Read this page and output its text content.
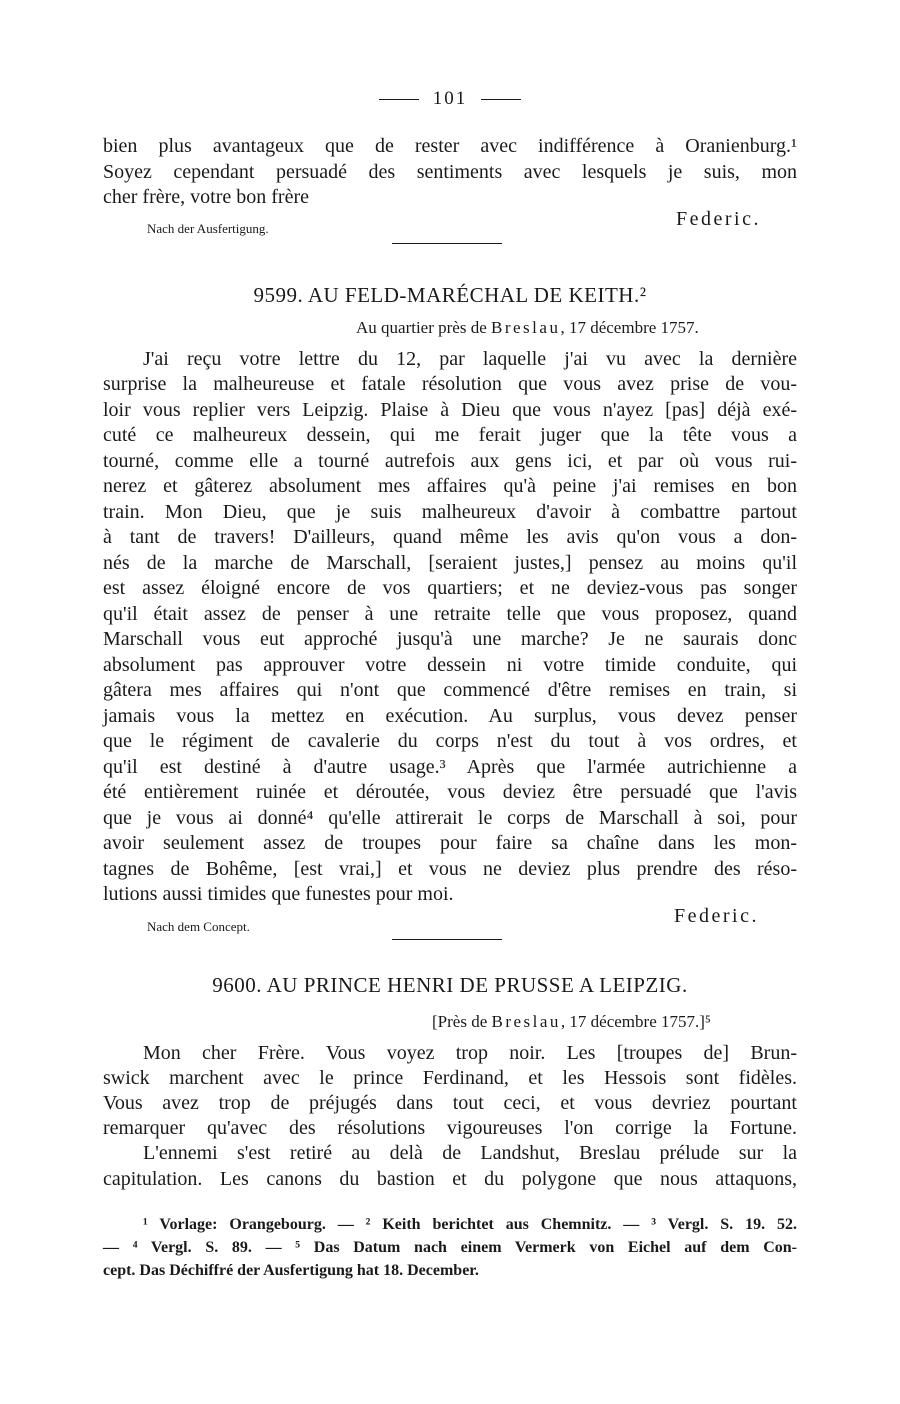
101
bien plus avantageux que de rester avec indifférence à Oranienburg.¹
Soyez cependant persuadé des sentiments avec lesquels je suis, mon
cher frère, votre bon frère
Nach der Ausfertigung.	Federic.
9599. AU FELD-MARÉCHAL DE KEITH.²
Au quartier près de Breslau, 17 décembre 1757.
J'ai reçu votre lettre du 12, par laquelle j'ai vu avec la dernière
surprise la malheureuse et fatale résolution que vous avez prise de vou-
loir vous replier vers Leipzig. Plaise à Dieu que vous n'ayez [pas] déjà exé-
cuté ce malheureux dessein, qui me ferait juger que la tête vous a
tourné, comme elle a tourné autrefois aux gens ici, et par où vous rui-
nerez et gâterez absolument mes affaires qu'à peine j'ai remises en bon
train. Mon Dieu, que je suis malheureux d'avoir à combattre partout
à tant de travers! D'ailleurs, quand même les avis qu'on vous a don-
nés de la marche de Marschall, [seraient justes,] pensez au moins qu'il
est assez éloigné encore de vos quartiers; et ne deviez-vous pas songer
qu'il était assez de penser à une retraite telle que vous proposez, quand
Marschall vous eut approché jusqu'à une marche? Je ne saurais donc
absolument pas approuver votre dessein ni votre timide conduite, qui
gâtera mes affaires qui n'ont que commencé d'être remises en train, si
jamais vous la mettez en exécution. Au surplus, vous devez penser
que le régiment de cavalerie du corps n'est du tout à vos ordres, et
qu'il est destiné à d'autre usage.³ Après que l'armée autrichienne a
été entièrement ruinée et déroutée, vous deviez être persuadé que l'avis
que je vous ai donné⁴ qu'elle attirerait le corps de Marschall à soi, pour
avoir seulement assez de troupes pour faire sa chaîne dans les mon-
tagnes de Bohême, [est vrai,] et vous ne deviez plus prendre des réso-
lutions aussi timides que funestes pour moi.
Nach dem Concept.	Federic.
9600. AU PRINCE HENRI DE PRUSSE A LEIPZIG.
[Près de Breslau, 17 décembre 1757.]⁵
Mon cher Frère. Vous voyez trop noir. Les [troupes de] Brun-
swick marchent avec le prince Ferdinand, et les Hessois sont fidèles.
Vous avez trop de préjugés dans tout ceci, et vous devriez pourtant
remarquer qu'avec des résolutions vigoureuses l'on corrige la Fortune.
L'ennemi s'est retiré au delà de Landshut, Breslau prélude sur la
capitulation. Les canons du bastion et du polygone que nous attaquons,
¹ Vorlage: Orangebourg. — ² Keith berichtet aus Chemnitz. — ³ Vergl. S. 19. 52.
— ⁴ Vergl. S. 89. — ⁵ Das Datum nach einem Vermerk von Eichel auf dem Con-
cept. Das Déchiffré der Ausfertigung hat 18. December.
